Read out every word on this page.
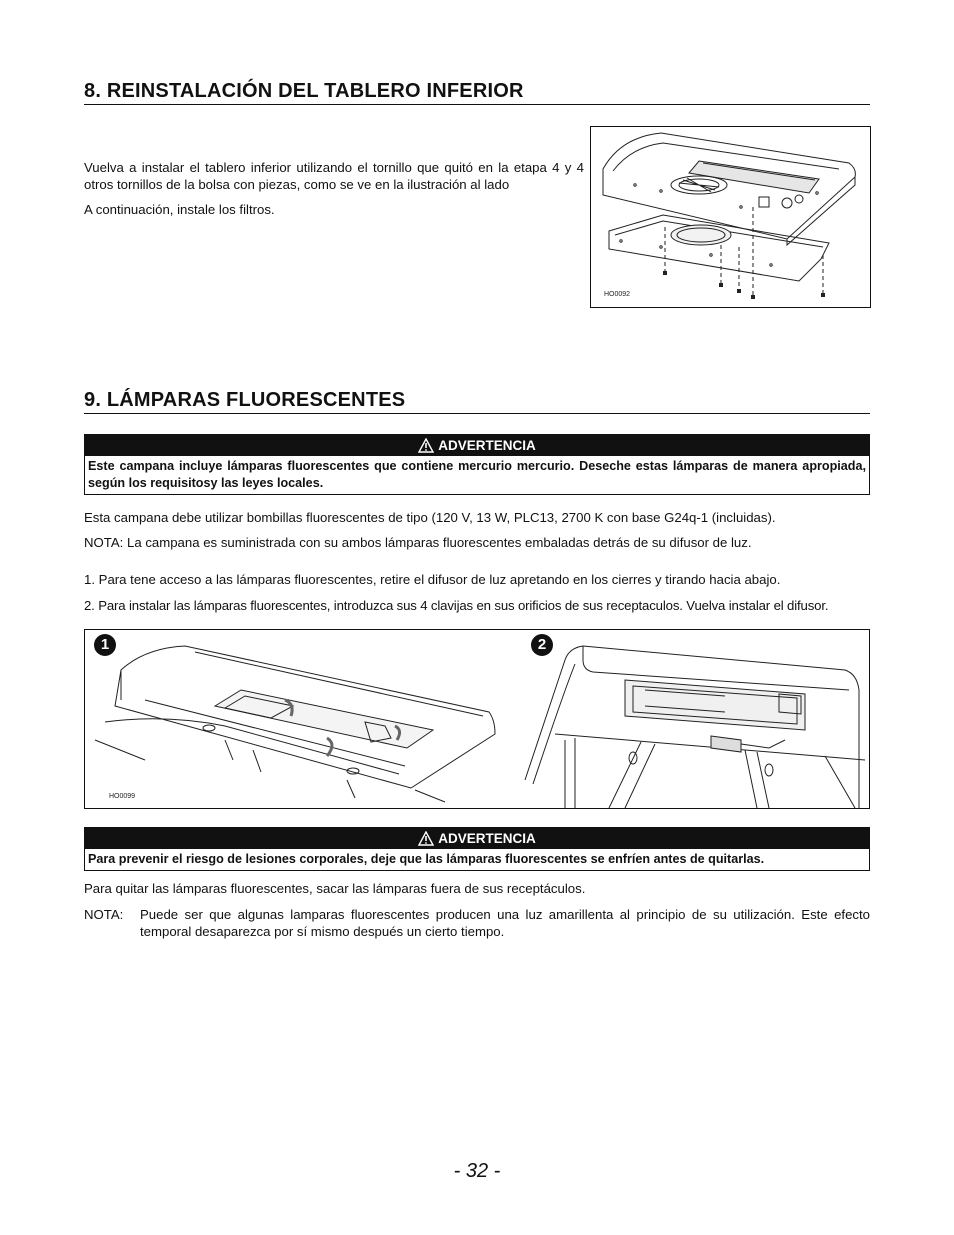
8. REINSTALACIÓN DEL TABLERO INFERIOR

Vuelva a instalar el tablero inferior utilizando el tornillo que quitó en la etapa 4 y 4 otros tornillos de la bolsa con piezas, como se ve en la ilustración al lado

A continuación, instale los filtros.

HO0092
9. LÁMPARAS FLUORESCENTES
ADVERTENCIA
Este campana incluye lámparas fluorescentes que contiene mercurio mercurio. Deseche estas lámparas de manera apropiada, según los requisitosy las leyes locales.

Esta campana debe utilizar bombillas fluorescentes de tipo (120 V, 13 W, PLC13, 2700 K con base G24q-1 (incluidas).

NOTA: La campana es suministrada con su ambos lámparas fluorescentes embaladas detrás de su difusor de luz.

1. Para tene acceso a las lámparas fluorescentes, retire el difusor de luz apretando en los cierres y tirando hacia abajo.

2. Para instalar las lámparas fluorescentes, introduzca sus 4 clavijas en sus orificios de sus receptaculos. Vuelva instalar el difusor.

1	2
HO0099
ADVERTENCIA
Para prevenir el riesgo de lesiones corporales, deje que las lámparas fluorescentes se enfríen antes de quitarlas.

Para quitar las lámparas fluorescentes, sacar las lámparas fuera de sus receptáculos.

NOTA:	Puede ser que algunas lamparas fluorescentes producen una luz amarillenta al principio de su utilización. Este efecto temporal desaparezca por sí mismo después un cierto tiempo.

- 32 -
